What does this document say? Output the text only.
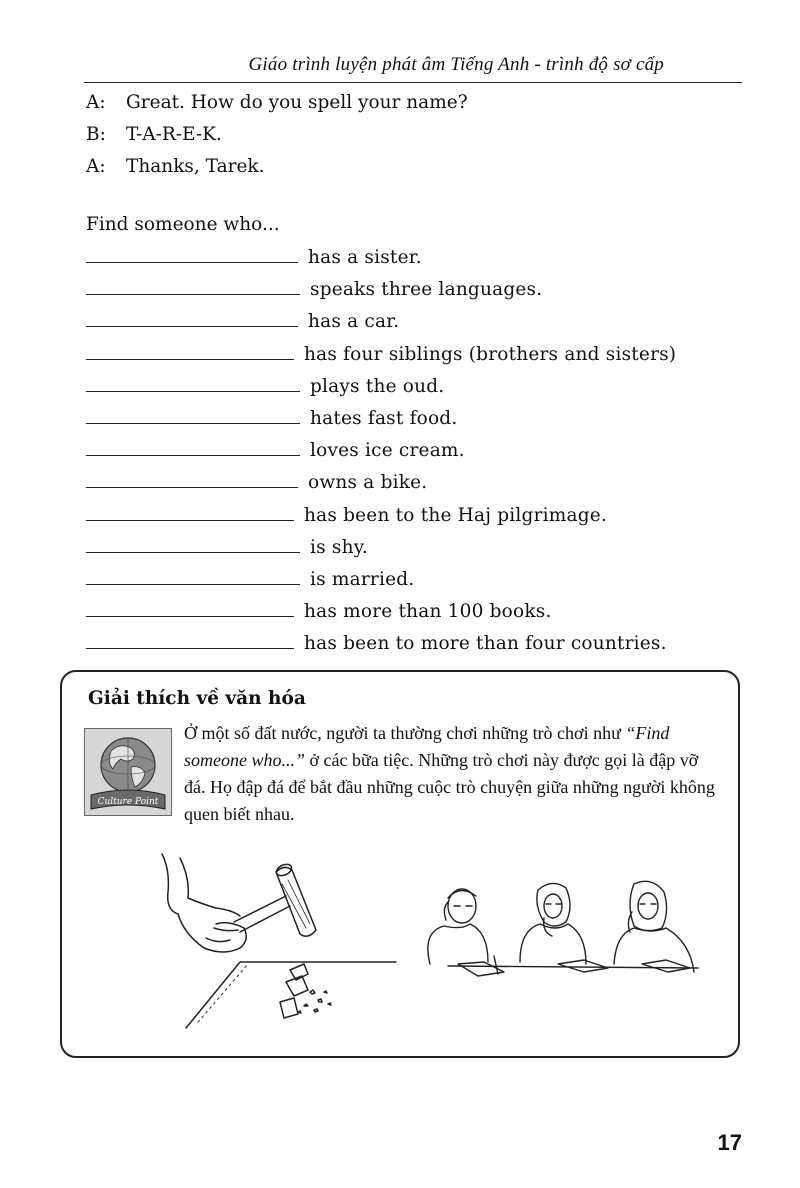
Giáo trình luyện phát âm Tiếng Anh - trình độ sơ cấp
A: Great. How do you spell your name?
B: T-A-R-E-K.
A: Thanks, Tarek.
Find someone who...
has a sister.
speaks three languages.
has a car.
has four siblings (brothers and sisters)
plays the oud.
hates fast food.
loves ice cream.
owns a bike.
has been to the Haj pilgrimage.
is shy.
is married.
has more than 100 books.
has been to more than four countries.
Giải thích về văn hóa
Culture Point
Ở một số đất nước, người ta thường chơi những trò chơi như “Find someone who...” ở các bữa tiệc. Những trò chơi này được gọi là đập vỡ đá. Họ đập đá để bắt đầu những cuộc trò chuyện giữa những người không quen biết nhau.
17
